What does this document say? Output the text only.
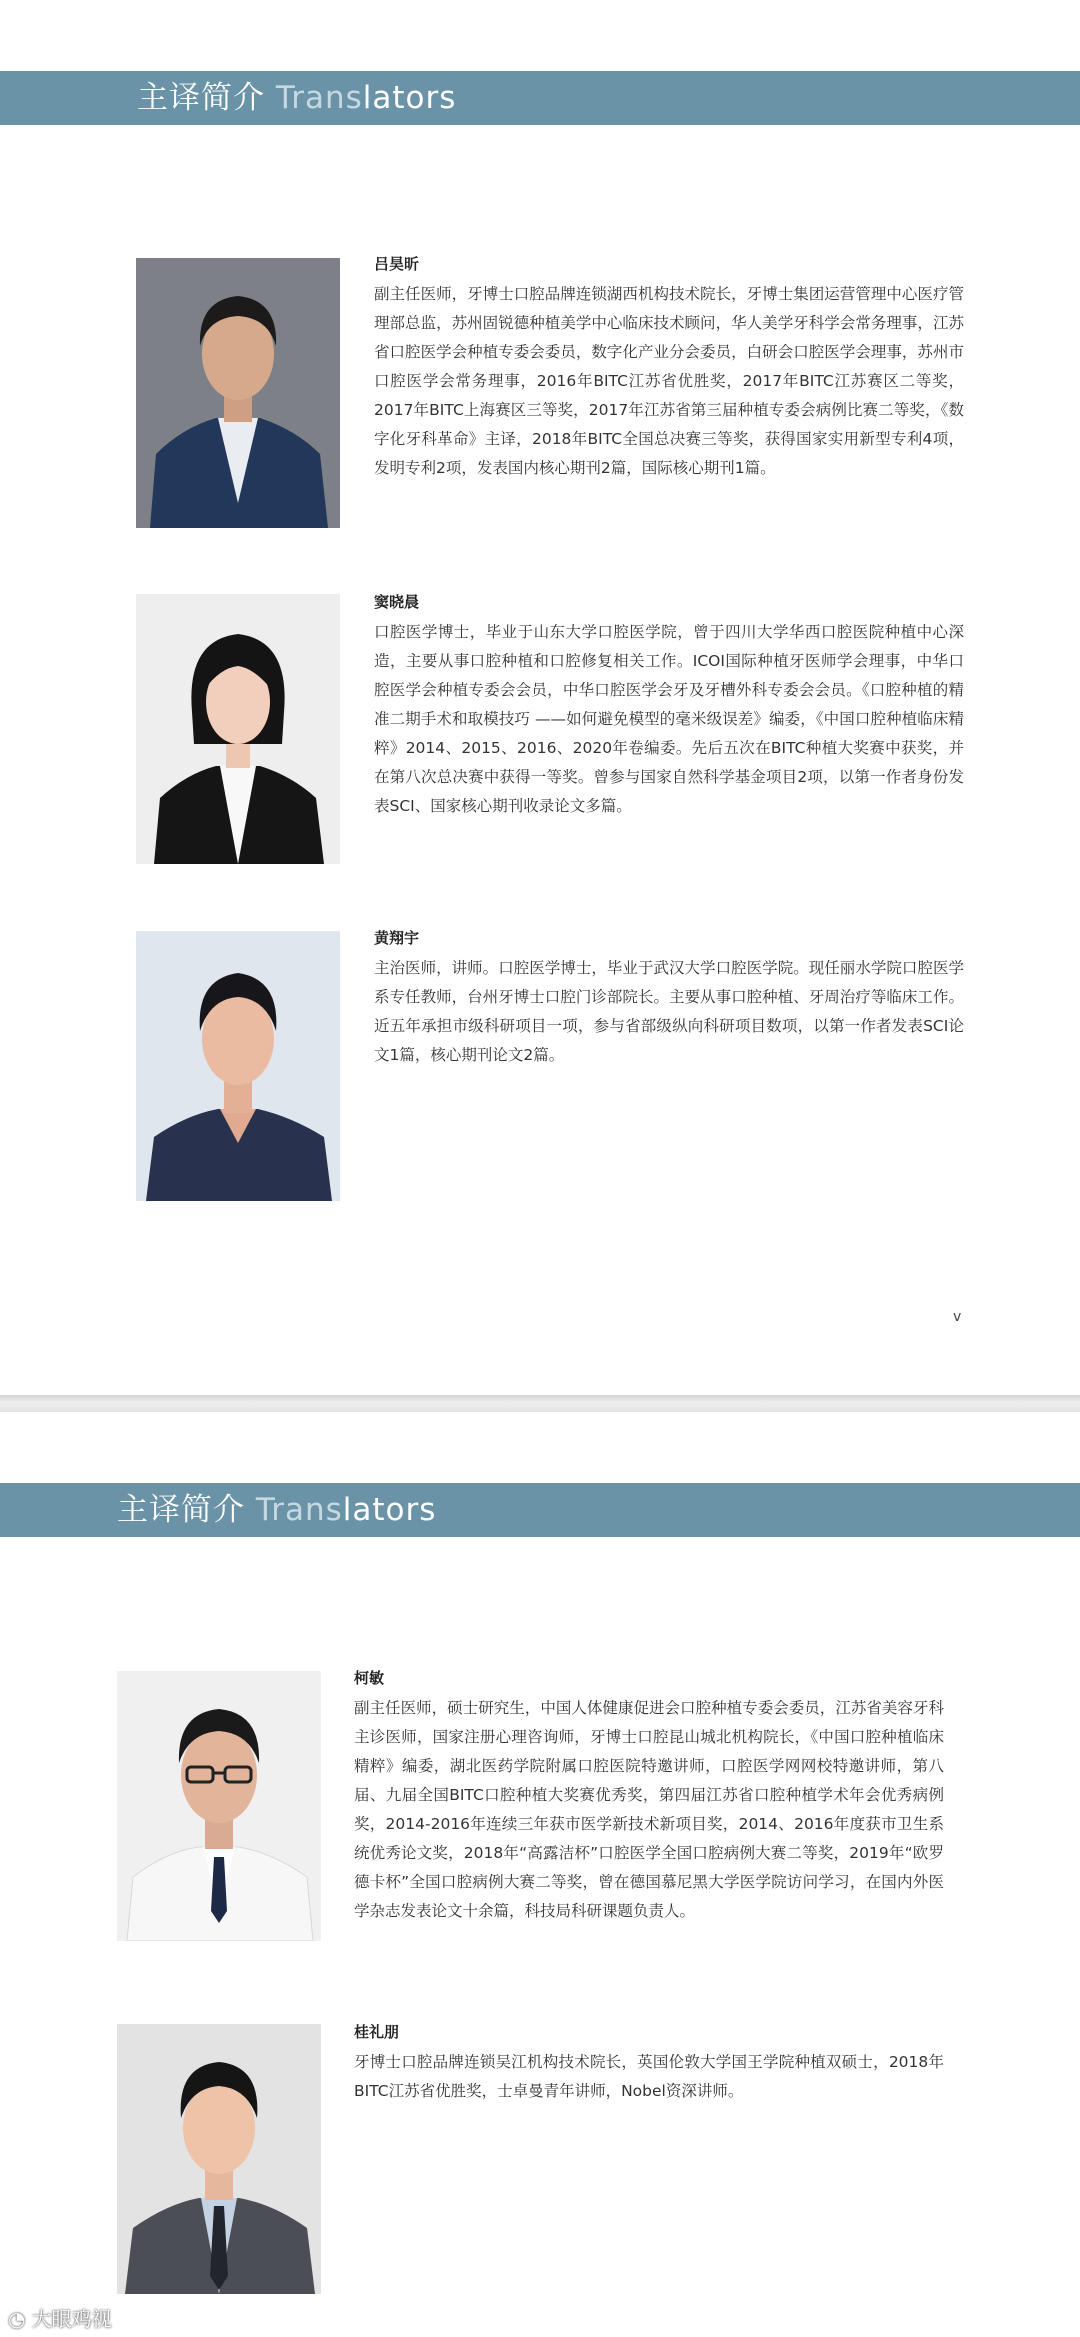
主译简介 Translators
吕昊昕

副主任医师，牙博士口腔品牌连锁湖西机构技术院长，牙博士集团运营管理中心医疗管理部总监，苏州固锐德种植美学中心临床技术顾问，华人美学牙科学会常务理事，江苏省口腔医学会种植专委会委员，数字化产业分会委员，白研会口腔医学会理事，苏州市口腔医学会常务理事，2016年BITC江苏省优胜奖，2017年BITC江苏赛区二等奖，2017年BITC上海赛区三等奖，2017年江苏省第三届种植专委会病例比赛二等奖，《数字化牙科革命》主译，2018年BITC全国总决赛三等奖，获得国家实用新型专利4项，发明专利2项，发表国内核心期刊2篇，国际核心期刊1篇。

窦晓晨

口腔医学博士，毕业于山东大学口腔医学院，曾于四川大学华西口腔医院种植中心深造，主要从事口腔种植和口腔修复相关工作。ICOI国际种植牙医师学会理事，中华口腔医学会种植专委会会员，中华口腔医学会牙及牙槽外科专委会会员。《口腔种植的精准二期手术和取模技巧 ——如何避免模型的毫米级误差》编委，《中国口腔种植临床精粹》2014、2015、2016、2020年卷编委。先后五次在BITC种植大奖赛中获奖，并在第八次总决赛中获得一等奖。曾参与国家自然科学基金项目2项，以第一作者身份发表SCI、国家核心期刊收录论文多篇。

黄翔宇

主治医师，讲师。口腔医学博士，毕业于武汉大学口腔医学院。现任丽水学院口腔医学系专任教师，台州牙博士口腔门诊部院长。主要从事口腔种植、牙周治疗等临床工作。近五年承担市级科研项目一项，参与省部级纵向科研项目数项，以第一作者发表SCI论文1篇，核心期刊论文2篇。

v
主译简介 Translators
柯敏

副主任医师，硕士研究生，中国人体健康促进会口腔种植专委会委员，江苏省美容牙科主诊医师，国家注册心理咨询师，牙博士口腔昆山城北机构院长，《中国口腔种植临床精粹》编委，湖北医药学院附属口腔医院特邀讲师，口腔医学网网校特邀讲师，第八届、九届全国BITC口腔种植大奖赛优秀奖，第四届江苏省口腔种植学术年会优秀病例奖，2014-2016年连续三年获市医学新技术新项目奖，2014、2016年度获市卫生系统优秀论文奖，2018年“高露洁杯”口腔医学全国口腔病例大赛二等奖，2019年“欧罗德卡杯”全国口腔病例大赛二等奖，曾在德国慕尼黑大学医学院访问学习，在国内外医学杂志发表论文十余篇，科技局科研课题负责人。

桂礼朋

牙博士口腔品牌连锁吴江机构技术院长，英国伦敦大学国王学院种植双硕士，2018年BITC江苏省优胜奖，士卓曼青年讲师，Nobel资深讲师。

◔ 大眼鸡视
